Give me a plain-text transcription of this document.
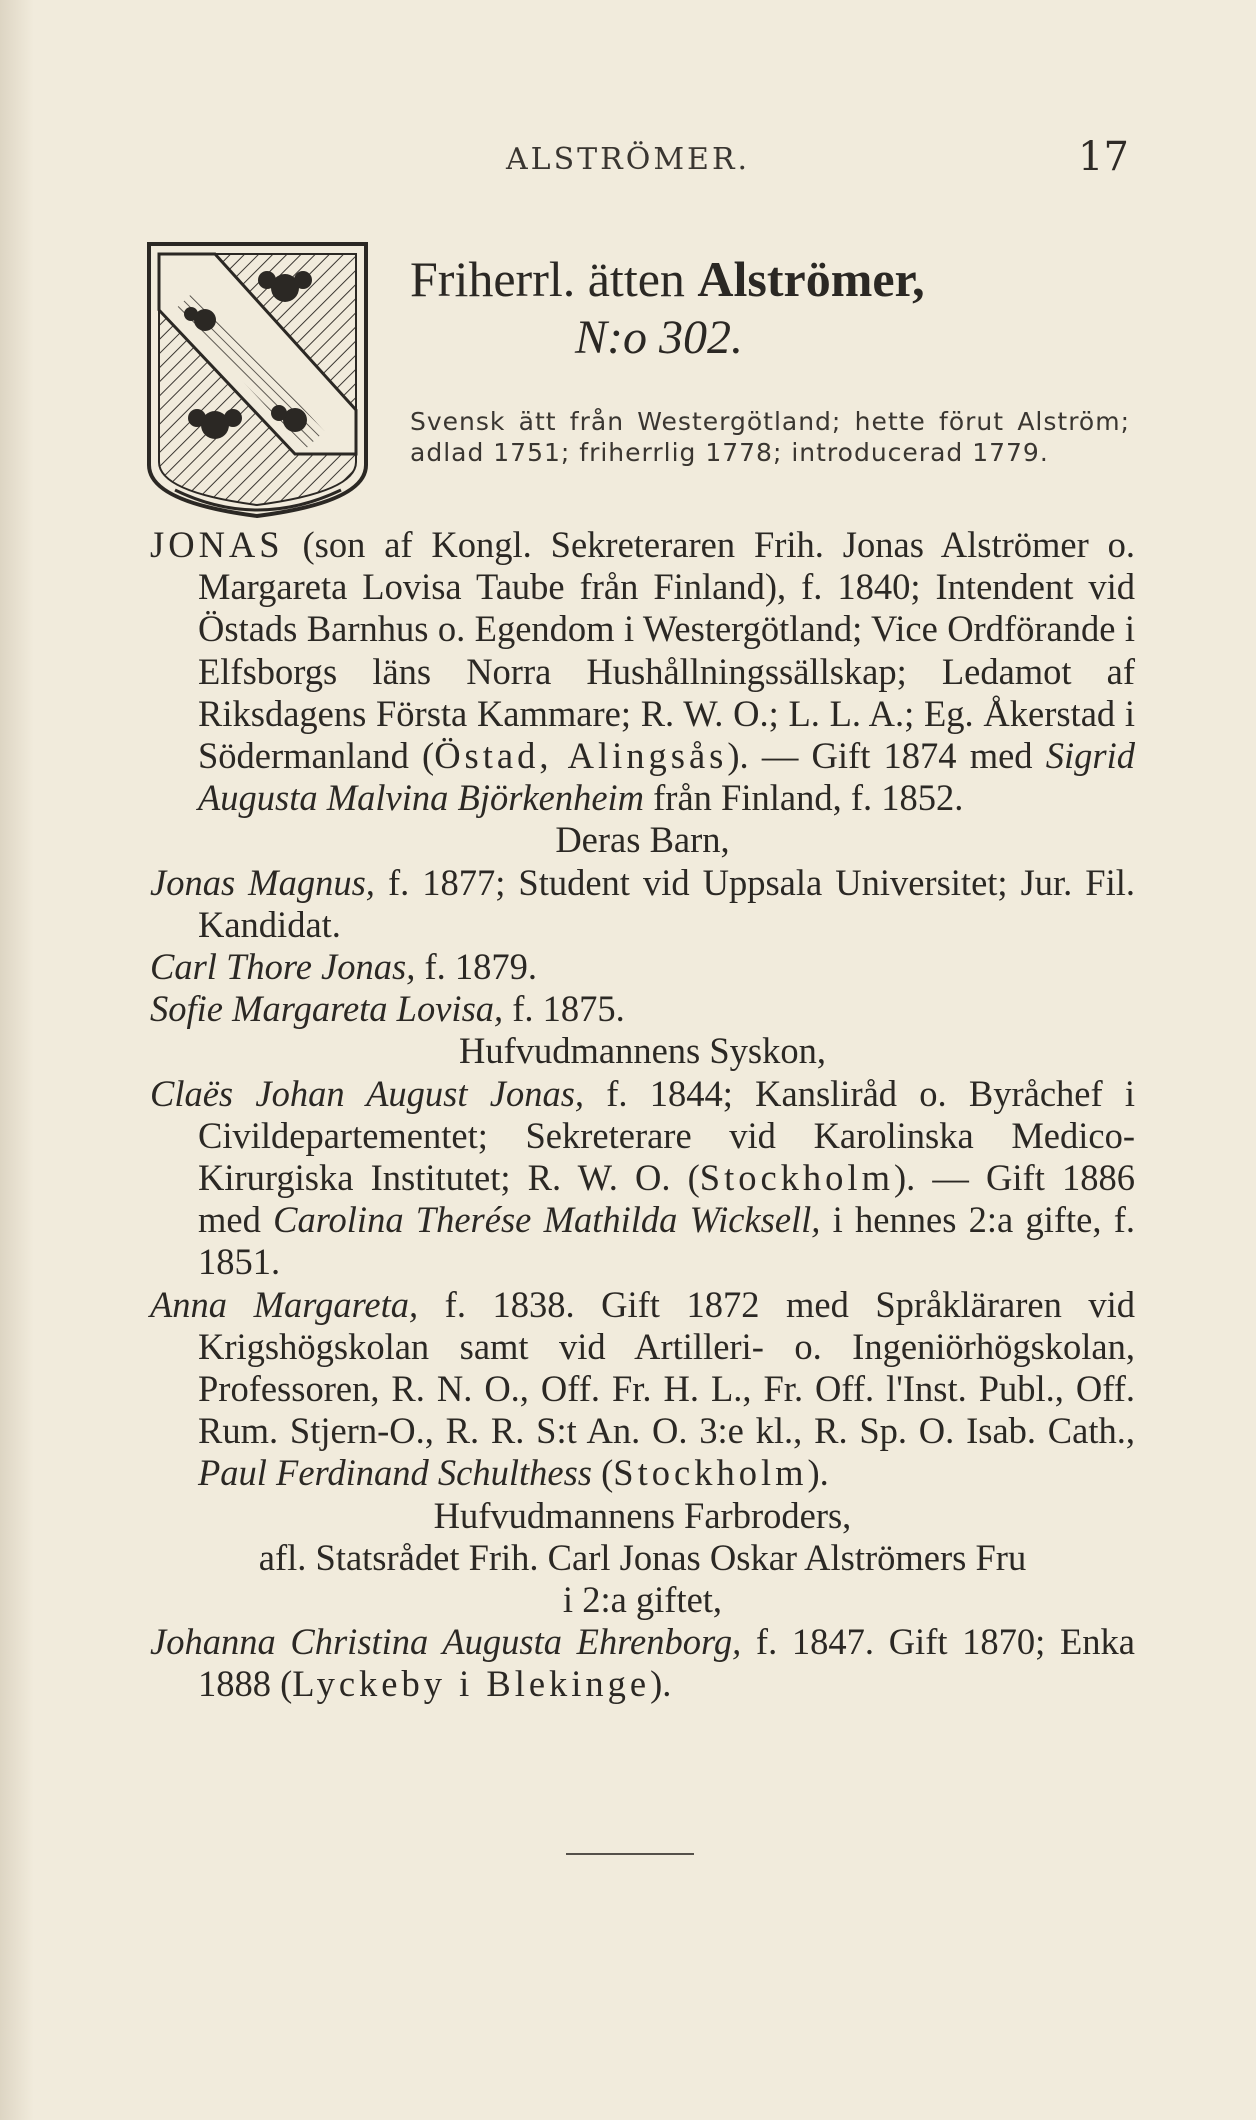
ALSTRÖMER.	17
Friherrl. ätten Alströmer,
N:o 302.
Svensk ätt från Westergötland; hette förut Alström; adlad 1751; friherrlig 1778; introducerad 1779.

JONAS (son af Kongl. Sekreteraren Frih. Jonas Alströmer o. Margareta Lovisa Taube från Finland), f. 1840; Intendent vid Östads Barnhus o. Egendom i Westergötland; Vice Ordförande i Elfsborgs läns Norra Hushållningssällskap; Ledamot af Riksdagens Första Kammare; R. W. O.; L. L. A.; Eg. Åkerstad i Södermanland (Östad, Alingsås). — Gift 1874 med Sigrid Augusta Malvina Björkenheim från Finland, f. 1852.

Deras Barn,

Jonas Magnus, f. 1877; Student vid Uppsala Universitet; Jur. Fil. Kandidat.

Carl Thore Jonas, f. 1879.

Sofie Margareta Lovisa, f. 1875.

Hufvudmannens Syskon,

Claës Johan August Jonas, f. 1844; Kanslіråd o. Byråchef i Civildepartementet; Sekreterare vid Karolinska Medico-Kirurgiska Institutet; R. W. O. (Stockholm). — Gift 1886 med Carolina Therése Mathilda Wicksell, i hennes 2:a gifte, f. 1851.

Anna Margareta, f. 1838. Gift 1872 med Språkläraren vid Krigshögskolan samt vid Artilleri- o. Ingeniörhögskolan, Professoren, R. N. O., Off. Fr. H. L., Fr. Off. l'Inst. Publ., Off. Rum. Stjern-O., R. R. S:t An. O. 3:e kl., R. Sp. O. Isab. Cath., Paul Ferdinand Schulthess (Stockholm).

Hufvudmannens Farbroders,

afl. Statsrådet Frih. Carl Jonas Oskar Alströmers Fru

i 2:a giftet,

Johanna Christina Augusta Ehrenborg, f. 1847. Gift 1870; Enka 1888 (Lyckeby i Blekinge).
